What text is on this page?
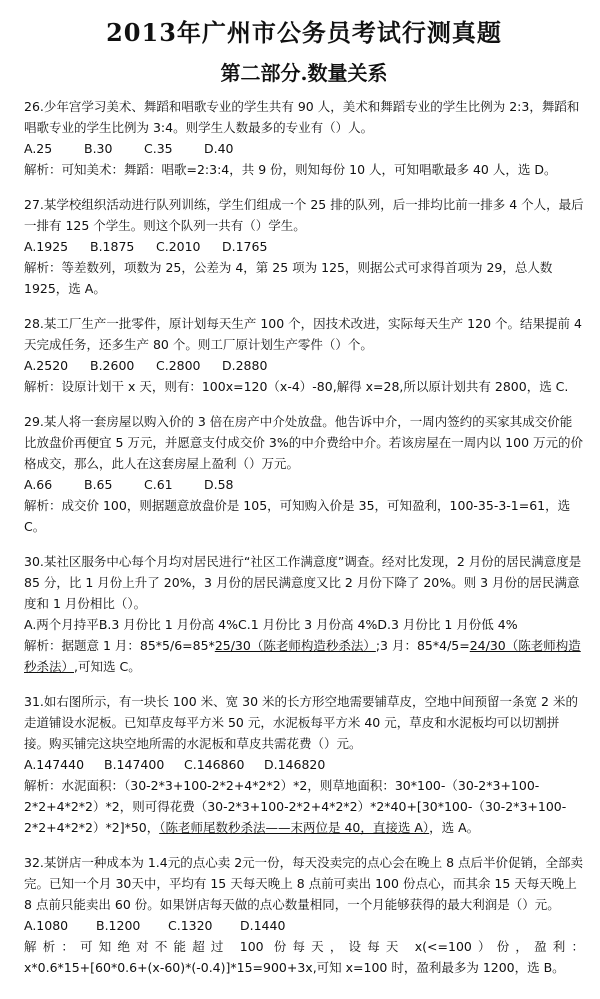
2013年广州市公务员考试行测真题
第二部分.数量关系

26.少年宫学习美术、舞蹈和唱歌专业的学生共有 90 人，美术和舞蹈专业的学生比例为 2:3，舞蹈和唱歌专业的学生比例为 3:4。则学生人数最多的专业有（）人。

A.25	B.30	C.35	D.40

解析：可知美术：舞蹈：唱歌=2:3:4，共 9 份，则知每份 10 人，可知唱歌最多 40 人，选 D。

27.某学校组织活动进行队列训练，学生们组成一个 25 排的队列，后一排均比前一排多 4 个人，最后一排有 125 个学生。则这个队列一共有（）学生。

A.1925	B.1875	C.2010	D.1765

解析：等差数列，项数为 25，公差为 4，第 25 项为 125，则据公式可求得首项为 29，总人数 1925，选 A。

28.某工厂生产一批零件，原计划每天生产 100 个，因技术改进，实际每天生产 120 个。结果提前 4 天完成任务，还多生产 80 个。则工厂原计划生产零件（）个。

A.2520	B.2600	C.2800	D.2880

解析：设原计划干 x 天，则有：100x=120（x-4）-80,解得 x=28,所以原计划共有 2800，选 C.

29.某人将一套房屋以购入价的 3 倍在房产中介处放盘。他告诉中介，一周内签约的买家其成交价能比放盘价再便宜 5 万元，并愿意支付成交价 3%的中介费给中介。若该房屋在一周内以 100 万元的价格成交，那么，此人在这套房屋上盈利（）万元。

A.66	B.65	C.61	D.58

解析：成交价 100，则据题意放盘价是 105，可知购入价是 35，可知盈利，100-35-3-1=61，选 C。

30.某社区服务中心每个月均对居民进行“社区工作满意度”调查。经对比发现，2 月份的居民满意度是 85 分，比 1 月份上升了 20%，3 月份的居民满意度又比 2 月份下降了 20%。则 3 月份的居民满意度和 1 月份相比（）。

A.两个月持平B.3 月份比 1 月份高 4%C.1 月份比 3 月份高 4%D.3 月份比 1 月份低 4%

解析：据题意 1 月：85*5/6=85*25/30（陈老师构造秒杀法）;3 月：85*4/5=24/30（陈老师构造秒杀法）,可知选 C。

31.如右图所示，有一块长 100 米、宽 30 米的长方形空地需要铺草皮，空地中间预留一条宽 2 米的走道铺设水泥板。已知草皮每平方米 50 元，水泥板每平方米 40 元，草皮和水泥板均可以切割拼接。购买铺完这块空地所需的水泥板和草皮共需花费（）元。

A.147440	B.147400	C.146860	D.146820

解析：水泥面积：（30-2*3+100-2*2+4*2*2）*2，则草地面积：30*100-（30-2*3+100-2*2+4*2*2）*2，则可得花费（30-2*3+100-2*2+4*2*2）*2*40+[30*100-（30-2*3+100-2*2+4*2*2）*2]*50，（陈老师尾数秒杀法——末两位是 40，直接选 A），选 A。

32.某饼店一种成本为 1.4元的点心卖 2元一份，每天没卖完的点心会在晚上 8 点后半价促销，全部卖完。已知一个月 30天中，平均有 15 天每天晚上 8 点前可卖出 100 份点心，而其余 15 天每天晚上 8 点前只能卖出 60 份。如果饼店每天做的点心数量相同，一个月能够获得的最大利润是（）元。

A.1080	B.1200	C.1320	D.1440

解析：可知绝对不能超过 100 份每天，设每天 x(<=100）份，盈利：

x*0.6*15+[60*0.6+(x-60)*(-0.4)]*15=900+3x,可知 x=100 时，盈利最多为 1200，选 B。
